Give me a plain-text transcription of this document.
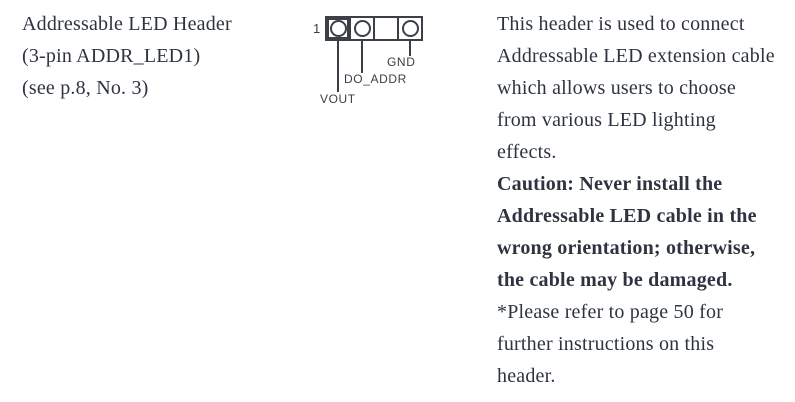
Addressable LED Header
(3-pin ADDR_LED1)
(see p.8, No. 3)
1
GND
DO_ADDR
VOUT
This header is used to connect
Addressable LED extension cable
which allows users to choose
from various LED lighting
effects.
Caution: Never install the
Addressable LED cable in the
wrong orientation; otherwise,
the cable may be damaged.
*Please refer to page 50 for
further instructions on this
header.
